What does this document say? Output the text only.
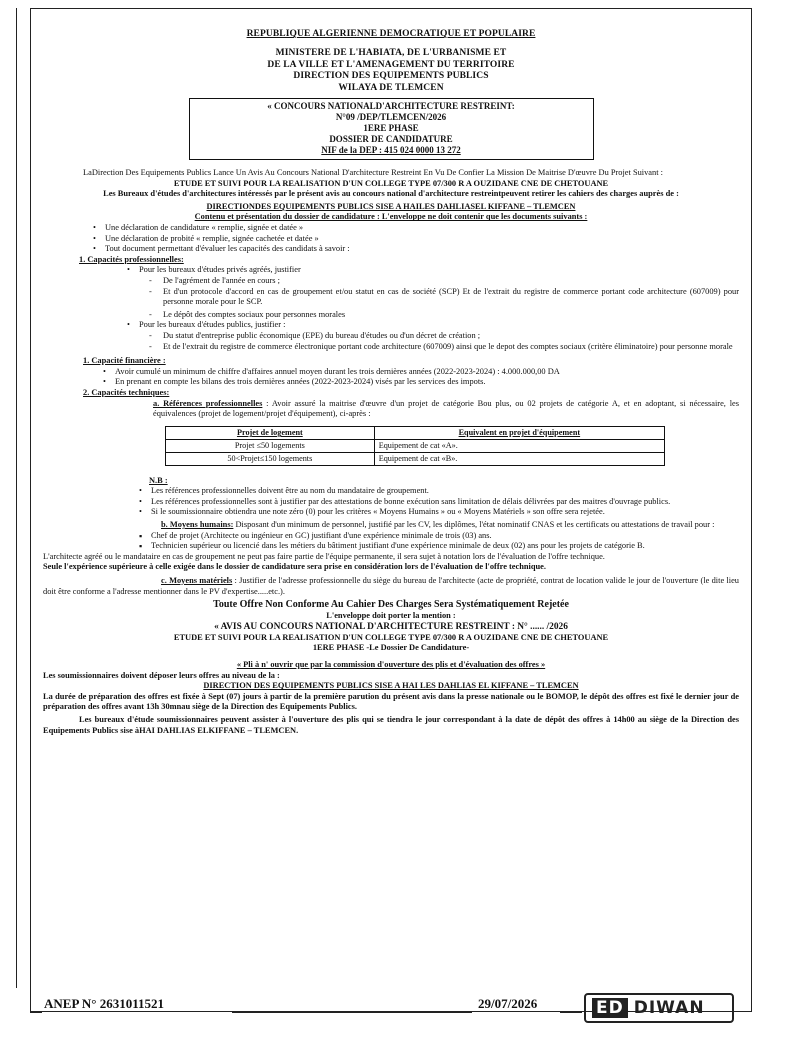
REPUBLIQUE ALGERIENNE DEMOCRATIQUE ET POPULAIRE
MINISTERE DE L'HABIATA, DE L'URBANISME ET
DE LA VILLE ET L'AMENAGEMENT DU TERRITOIRE
DIRECTION DES EQUIPEMENTS PUBLICS
WILAYA DE TLEMCEN
« CONCOURS NATIONALD'ARCHITECTURE RESTREINT:
N°09 /DEP/TLEMCEN/2026
1ERE PHASE
DOSSIER DE CANDIDATURE
NIF de la DEP : 415 024 0000 13 272
LaDirection Des Equipements Publics Lance Un Avis Au Concours National D'architecture Restreint En Vu De Confier La Mission De Maitrise D'œuvre Du Projet Suivant :
ETUDE ET SUIVI POUR LA REALISATION D'UN COLLEGE TYPE 07/300 R A OUZIDANE CNE DE CHETOUANE
Les Bureaux d'études d'architectures intéressés par le présent avis au concours national d'architecture restreintpeuvent retirer les cahiers des charges auprès de :
DIRECTIONDES EQUIPEMENTS PUBLICS SISE A HAILES DAHLIASEL KIFFANE – TLEMCEN
Contenu et présentation du dossier de candidature : L'enveloppe ne doit contenir que les documents suivants :
• Une déclaration de candidature « remplie, signée et datée »
• Une déclaration de probité « remplie, signée cachetée et datée »
• Tout document permettant d'évaluer les capacités des candidats à savoir :
1. Capacités professionnelles:
• Pour les bureaux d'études privés agréés, justifier
- De l'agrément de l'année en cours ;
- Et d'un protocole d'accord en cas de groupement et/ou statut en cas de société (SCP) Et de l'extrait du registre de commerce portant code architecture (607009) pour personne morale pour le SCP.
- Le dépôt des comptes sociaux pour personnes morales
• Pour les bureaux d'études publics, justifier :
- Du statut d'entreprise public économique (EPE) du bureau d'études ou d'un décret de création ;
- Et de l'extrait du registre de commerce électronique portant code architecture (607009) ainsi que le depot des comptes sociaux (critère éliminatoire) pour personne morale
1. Capacité financière :
• Avoir cumulé un minimum de chiffre d'affaires annuel moyen durant les trois dernières années (2022-2023-2024) : 4.000.000,00 DA
• En prenant en compte les bilans des trois dernières années (2022-2023-2024) visés par les services des impots.
2. Capacités techniques:
a. Références professionnelles : Avoir assuré la maitrise d'œuvre d'un projet de catégorie Bou plus, ou 02 projets de catégorie A, et en adoptant, si nécessaire, les équivalences (projet de logement/projet d'équipement), ci-après :
Projet de logement	Equivalent en projet d'équipement
Projet ≤50 logements	Equipement de cat «A».
50<Projet≤150 logements	Equipement de cat «B».
N.B :
• Les références professionnelles doivent être au nom du mandataire de groupement.
• Les références professionnelles sont à justifier par des attestations de bonne exécution sans limitation de délais délivrées par des maitres d'ouvrage publics.
• Si le soumissionnaire obtiendra une note zéro (0) pour les critères « Moyens Humains » ou « Moyens Matériels » son offre sera rejetée.
b. Moyens humains: Disposant d'un minimum de personnel, justifié par les CV, les diplômes, l'état nominatif CNAS et les certificats ou attestations de travail pour :
▪ Chef de projet (Architecte ou ingénieur en GC) justifiant d'une expérience minimale de trois (03) ans.
▪ Technicien supérieur ou licencié dans les métiers du bâtiment justifiant d'une expérience minimale de deux (02) ans pour les projets de catégorie B.
L'architecte agréé ou le mandataire en cas de groupement ne peut pas faire partie de l'équipe permanente, il sera sujet à notation lors de l'évaluation de l'offre technique.
Seule l'expérience supérieure à celle exigée dans le dossier de candidature sera prise en considération lors de l'évaluation de l'offre technique.
c. Moyens matériels : Justifier de l'adresse professionnelle du siège du bureau de l'architecte (acte de propriété, contrat de location valide le jour de l'ouverture (le dite lieu doit être conforme a l'adresse mentionner dans le PV d'expertise.....etc.).
Toute Offre Non Conforme Au Cahier Des Charges Sera Systématiquement Rejetée
L'enveloppe doit porter la mention :
« AVIS AU CONCOURS NATIONAL D'ARCHITECTURE RESTREINT : N° ...... /2026
ETUDE ET SUIVI POUR LA REALISATION D'UN COLLEGE TYPE 07/300 R A OUZIDANE CNE DE CHETOUANE
1ERE PHASE -Le Dossier De Candidature-
« Pli à n' ouvrir que par la commission d'ouverture des plis et d'évaluation des offres »
Les soumissionnaires doivent déposer leurs offres au niveau de la :
DIRECTION DES EQUIPEMENTS PUBLICS SISE A HAI LES DAHLIAS EL KIFFANE – TLEMCEN
La durée de préparation des offres est fixée à Sept (07) jours à partir de la première parution du présent avis dans la presse nationale ou le BOMOP, le dépôt des offres est fixé le dernier jour de préparation des offres avant 13h 30mnau siège de la Direction des Equipements Publics.
Les bureaux d'étude soumissionnaires peuvent assister à l'ouverture des plis qui se tiendra le jour correspondant à la date de dépôt des offres à 14h00 au siège de la Direction des Equipements Publics sise àHAI DAHLIAS ELKIFFANE – TLEMCEN.
ANEP N° 2631011521	29/07/2026	ED DIWAN
